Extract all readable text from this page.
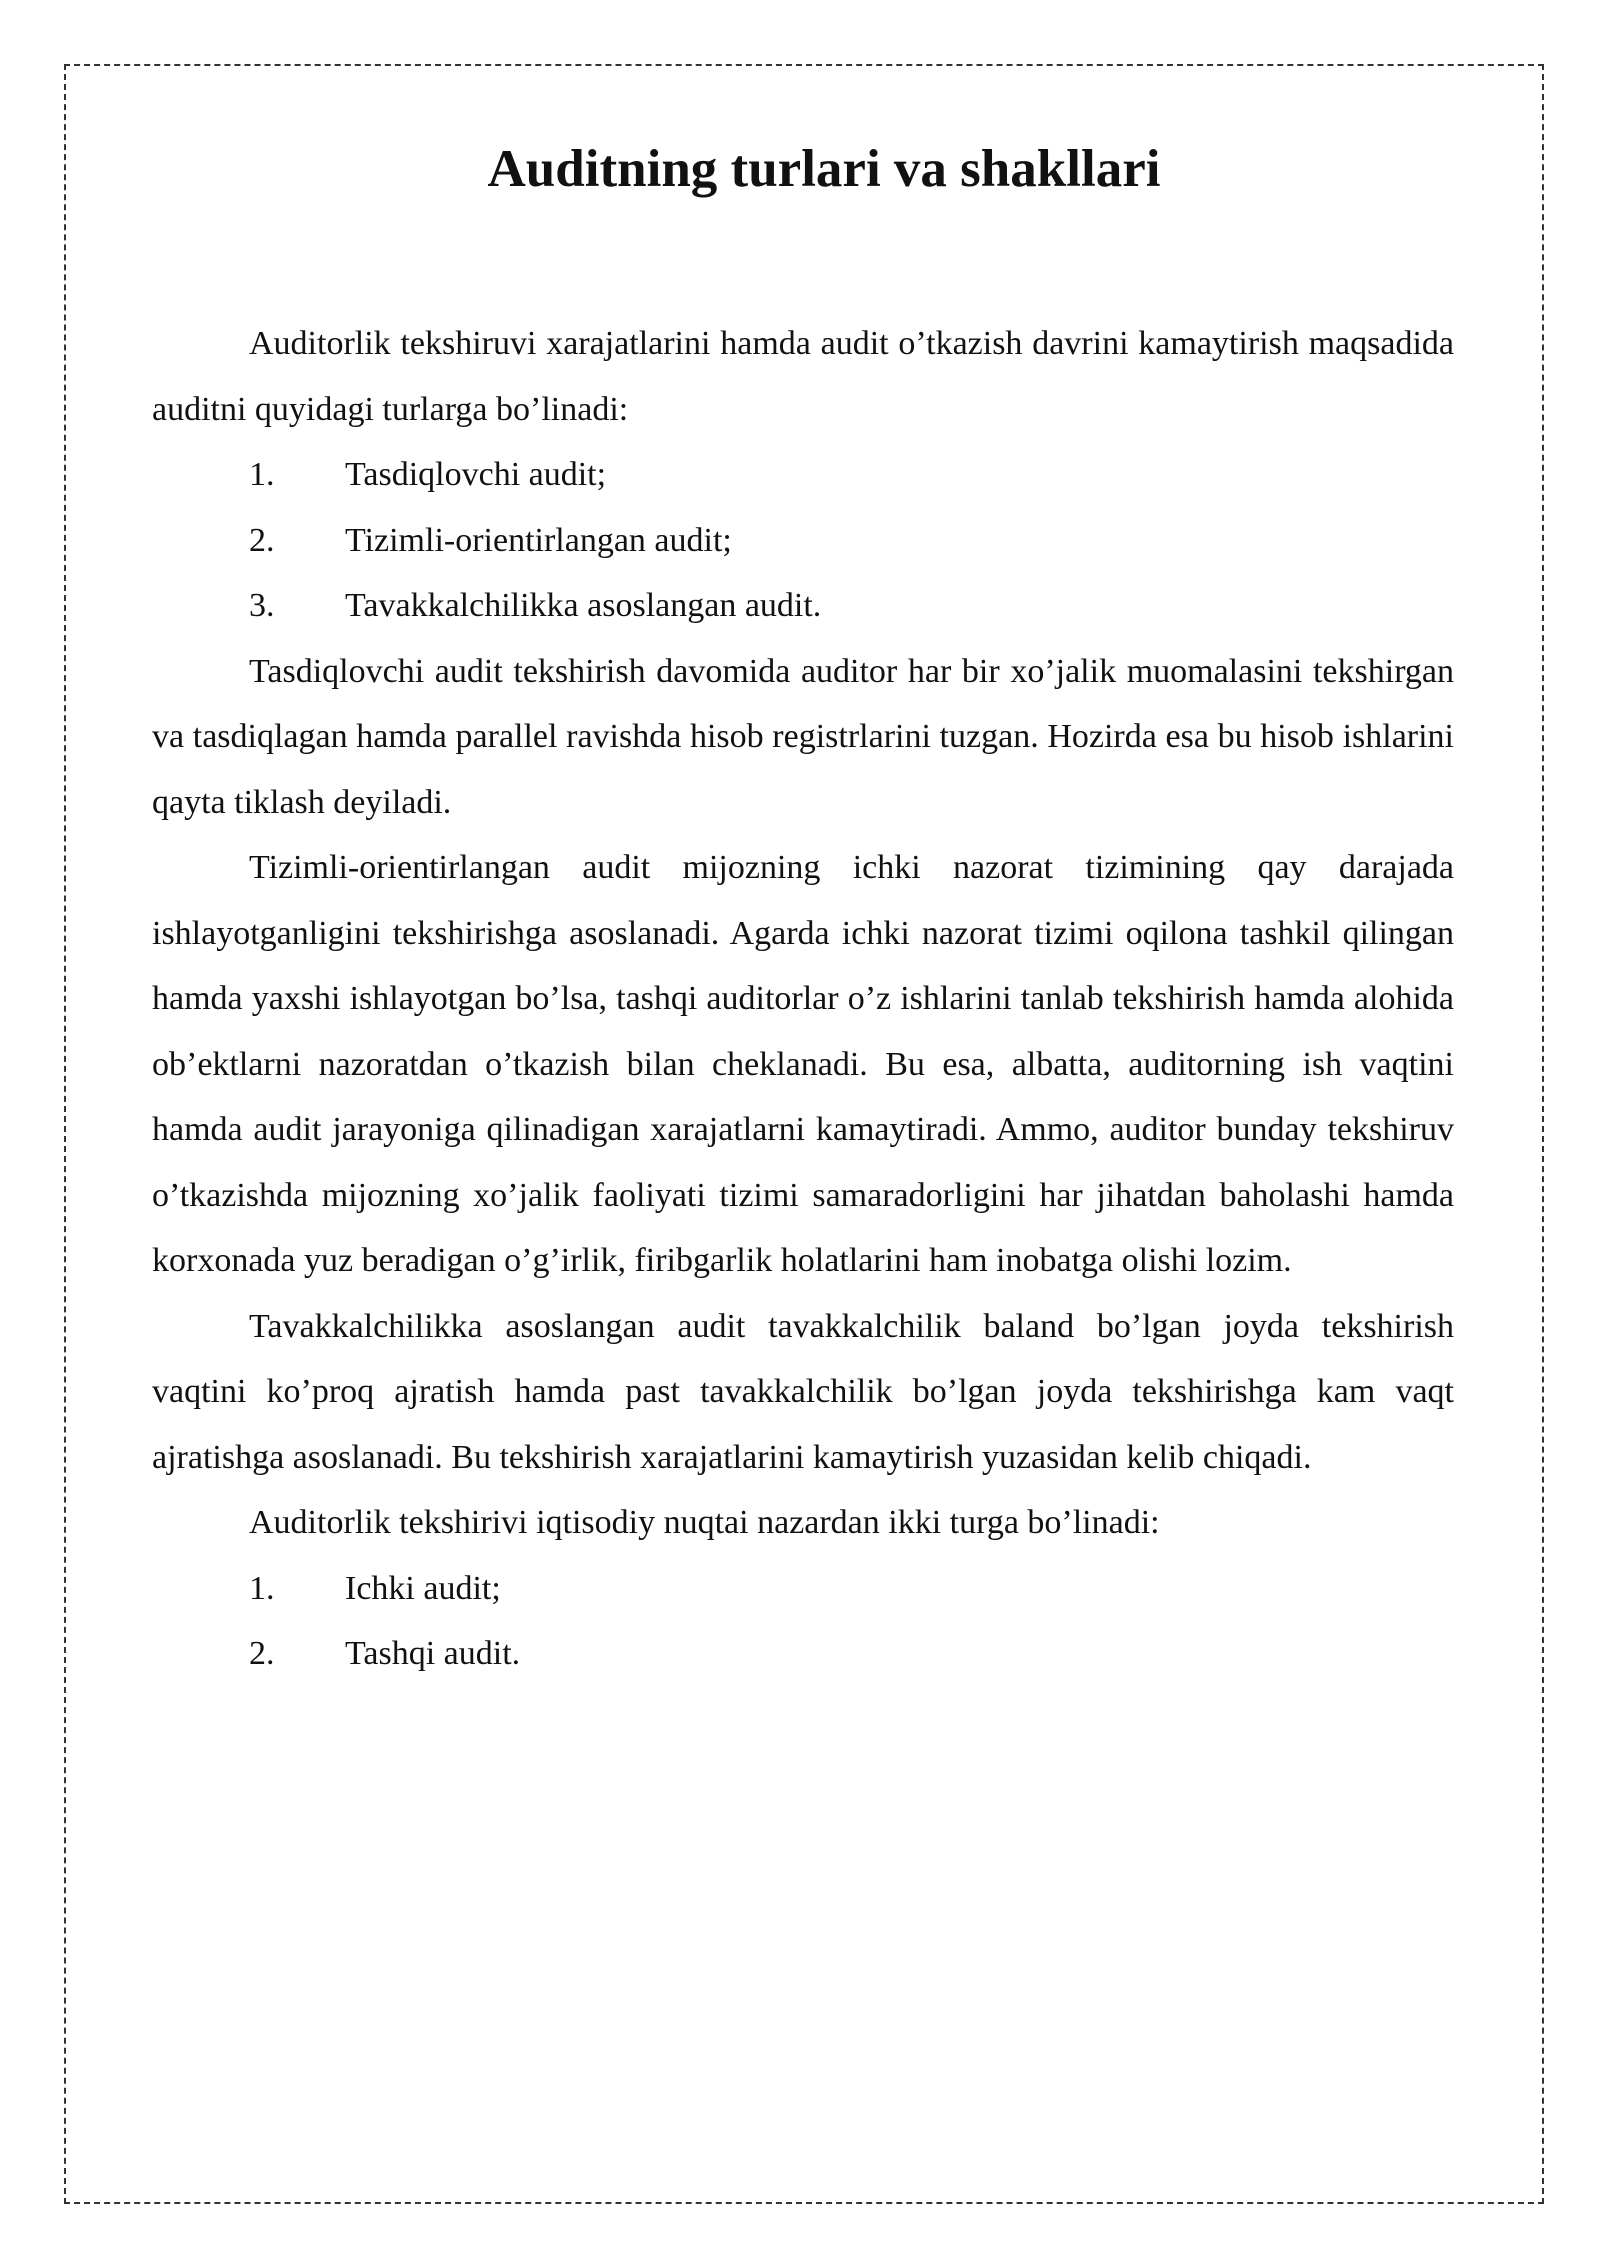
Auditning turlari va shakllari

Auditorlik tekshiruvi xarajatlarini hamda audit o’tkazish davrini kamaytirish maqsadida auditni quyidagi turlarga bo’linadi:

1.	Tasdiqlovchi audit;
2.	Tizimli-orientirlangan audit;
3.	Tavakkalchilikka asoslangan audit.

Tasdiqlovchi audit tekshirish davomida auditor har bir xo’jalik muomalasini tekshirgan va tasdiqlagan hamda parallel ravishda hisob registrlarini tuzgan. Hozirda esa bu hisob ishlarini qayta tiklash deyiladi.

Tizimli-orientirlangan audit mijozning ichki nazorat tizimining qay darajada ishlayotganligini tekshirishga asoslanadi. Agarda ichki nazorat tizimi oqilona tashkil qilingan hamda yaxshi ishlayotgan bo’lsa, tashqi auditorlar o’z ishlarini tanlab tekshirish hamda alohida ob’ektlarni nazoratdan o’tkazish bilan cheklanadi. Bu esa, albatta, auditorning ish vaqtini hamda audit jarayoniga qilinadigan xarajatlarni kamaytiradi. Ammo, auditor bunday tekshiruv o’tkazishda mijozning xo’jalik faoliyati tizimi samaradorligini har jihatdan baholashi hamda korxonada yuz beradigan o’g’irlik, firibgarlik holatlarini ham inobatga olishi lozim.

Tavakkalchilikka asoslangan audit tavakkalchilik baland bo’lgan joyda tekshirish vaqtini ko’proq ajratish hamda past tavakkalchilik bo’lgan joyda tekshirishga kam vaqt ajratishga asoslanadi. Bu tekshirish xarajatlarini kamaytirish yuzasidan kelib chiqadi.

Auditorlik tekshirivi iqtisodiy nuqtai nazardan ikki turga bo’linadi:

1.	Ichki audit;
2.	Tashqi audit.
